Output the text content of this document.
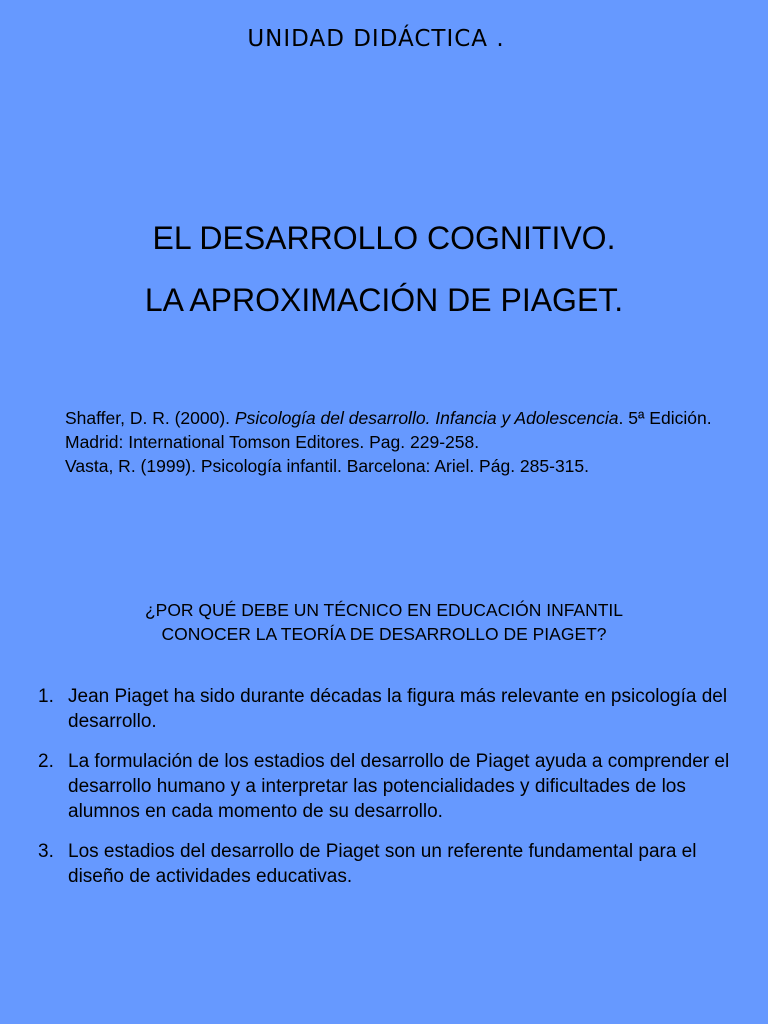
UNIDAD DIDÁCTICA .
EL DESARROLLO COGNITIVO.
LA APROXIMACIÓN DE PIAGET.

Shaffer, D. R. (2000). Psicología del desarrollo. Infancia y Adolescencia. 5ª Edición. Madrid: International Tomson Editores. Pag. 229-258.

Vasta, R. (1999). Psicología infantil. Barcelona: Ariel. Pág. 285-315.

¿POR QUÉ DEBE UN TÉCNICO EN EDUCACIÓN INFANTIL
CONOCER LA TEORÍA DE DESARROLLO DE PIAGET?
1. Jean Piaget ha sido durante décadas la figura más relevante en psicología del desarrollo.
2. La formulación de los estadios del desarrollo de Piaget ayuda a comprender el desarrollo humano y a interpretar las potencialidades y dificultades de los alumnos en cada momento de su desarrollo.
3. Los estadios del desarrollo de Piaget son un referente fundamental para el diseño de actividades educativas.
